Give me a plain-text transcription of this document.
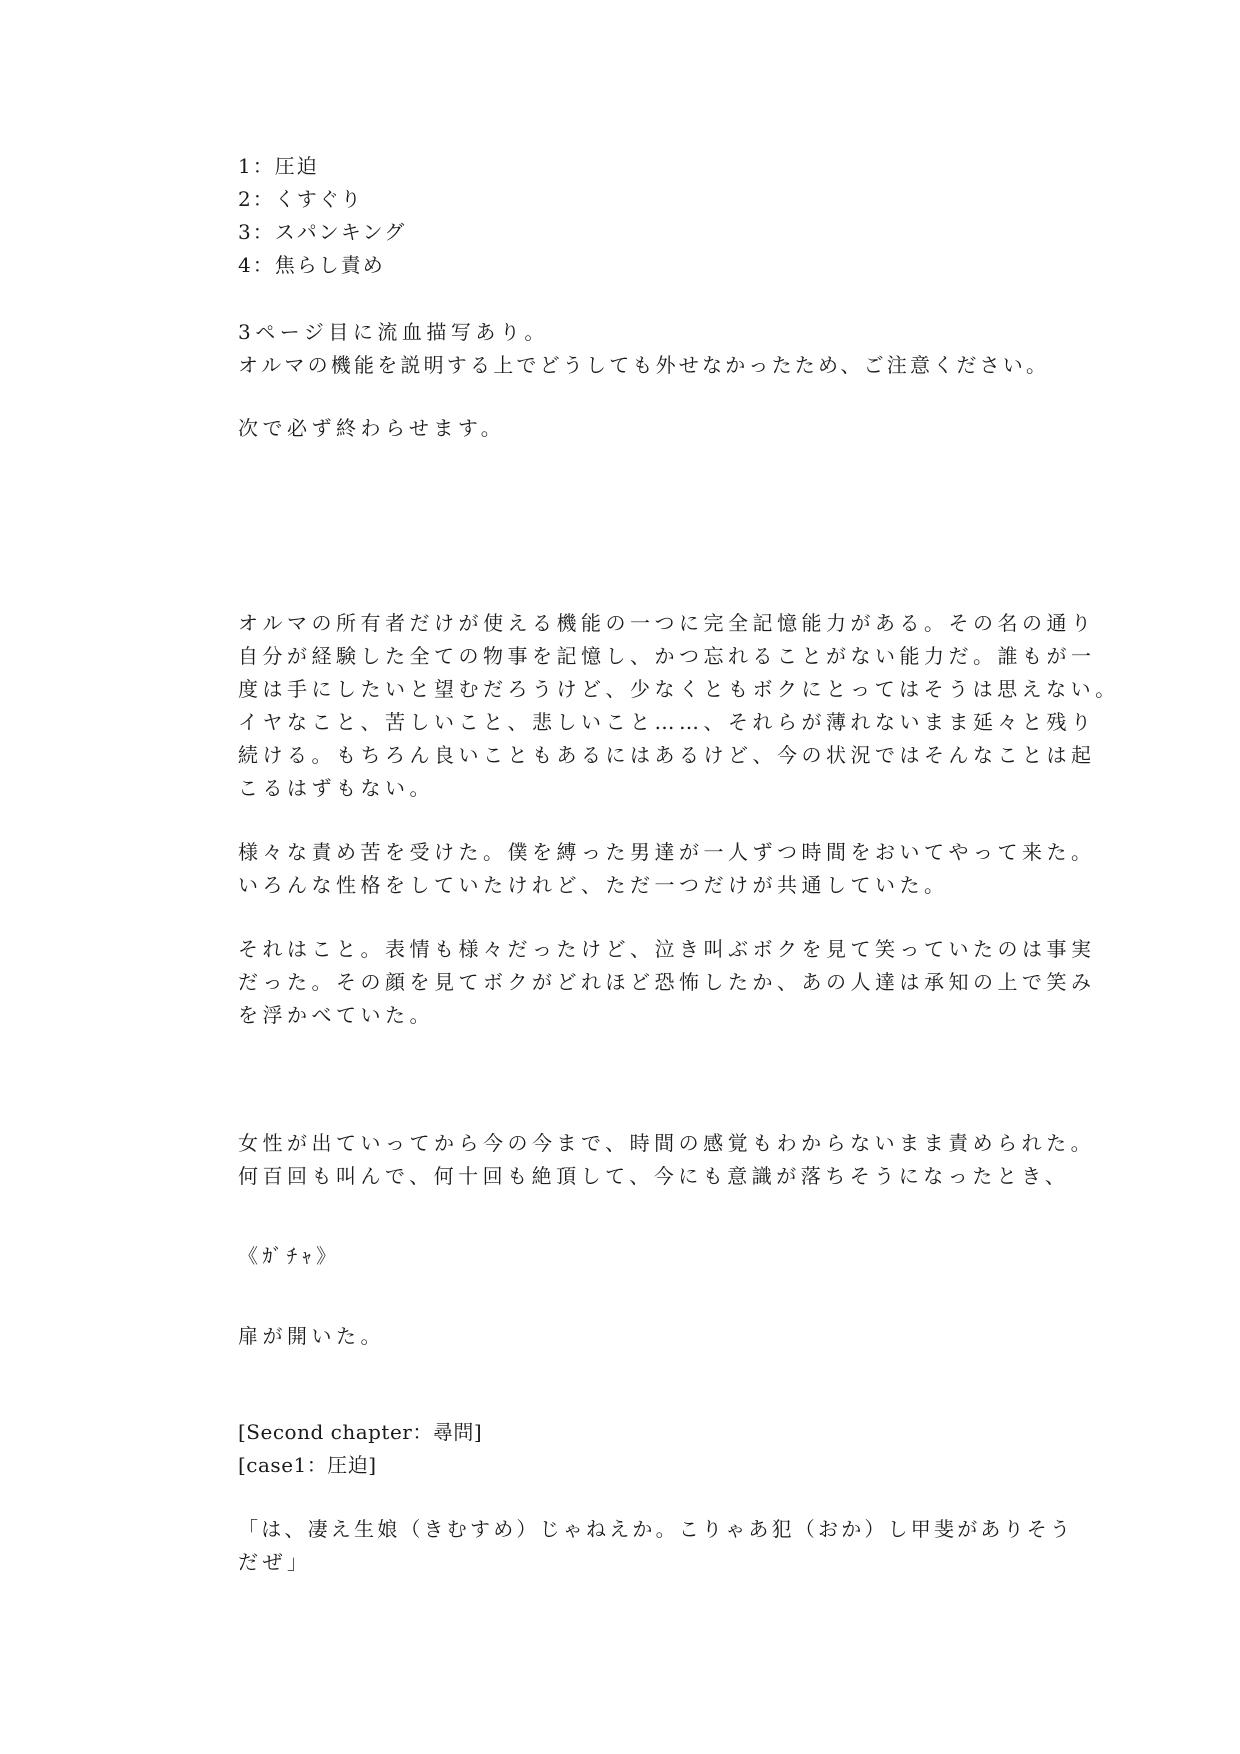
1：圧迫
2：くすぐり
3：スパンキング
4：焦らし責め
3ページ目に流血描写あり。
オルマの機能を説明する上でどうしても外せなかったため、ご注意ください。
次で必ず終わらせます。
オルマの所有者だけが使える機能の一つに完全記憶能力がある。その名の通り
自分が経験した全ての物事を記憶し、かつ忘れることがない能力だ。誰もが一
度は手にしたいと望むだろうけど、少なくともボクにとってはそうは思えない。
イヤなこと、苦しいこと、悲しいこと……、それらが薄れないまま延々と残り
続ける。もちろん良いこともあるにはあるけど、今の状況ではそんなことは起
こるはずもない。
様々な責め苦を受けた。僕を縛った男達が一人ずつ時間をおいてやって来た。
いろんな性格をしていたけれど、ただ一つだけが共通していた。
それはこと。表情も様々だったけど、泣き叫ぶボクを見て笑っていたのは事実
だった。その顔を見てボクがどれほど恐怖したか、あの人達は承知の上で笑み
を浮かべていた。
女性が出ていってから今の今まで、時間の感覚もわからないまま責められた。
何百回も叫んで、何十回も絶頂して、今にも意識が落ちそうになったとき、
《ｶﾞﾁｬ》
扉が開いた。
[Second chapter：尋問]
[case1：圧迫]
「は、凄え生娘（きむすめ）じゃねえか。こりゃあ犯（おか）し甲斐がありそう
だぜ」
